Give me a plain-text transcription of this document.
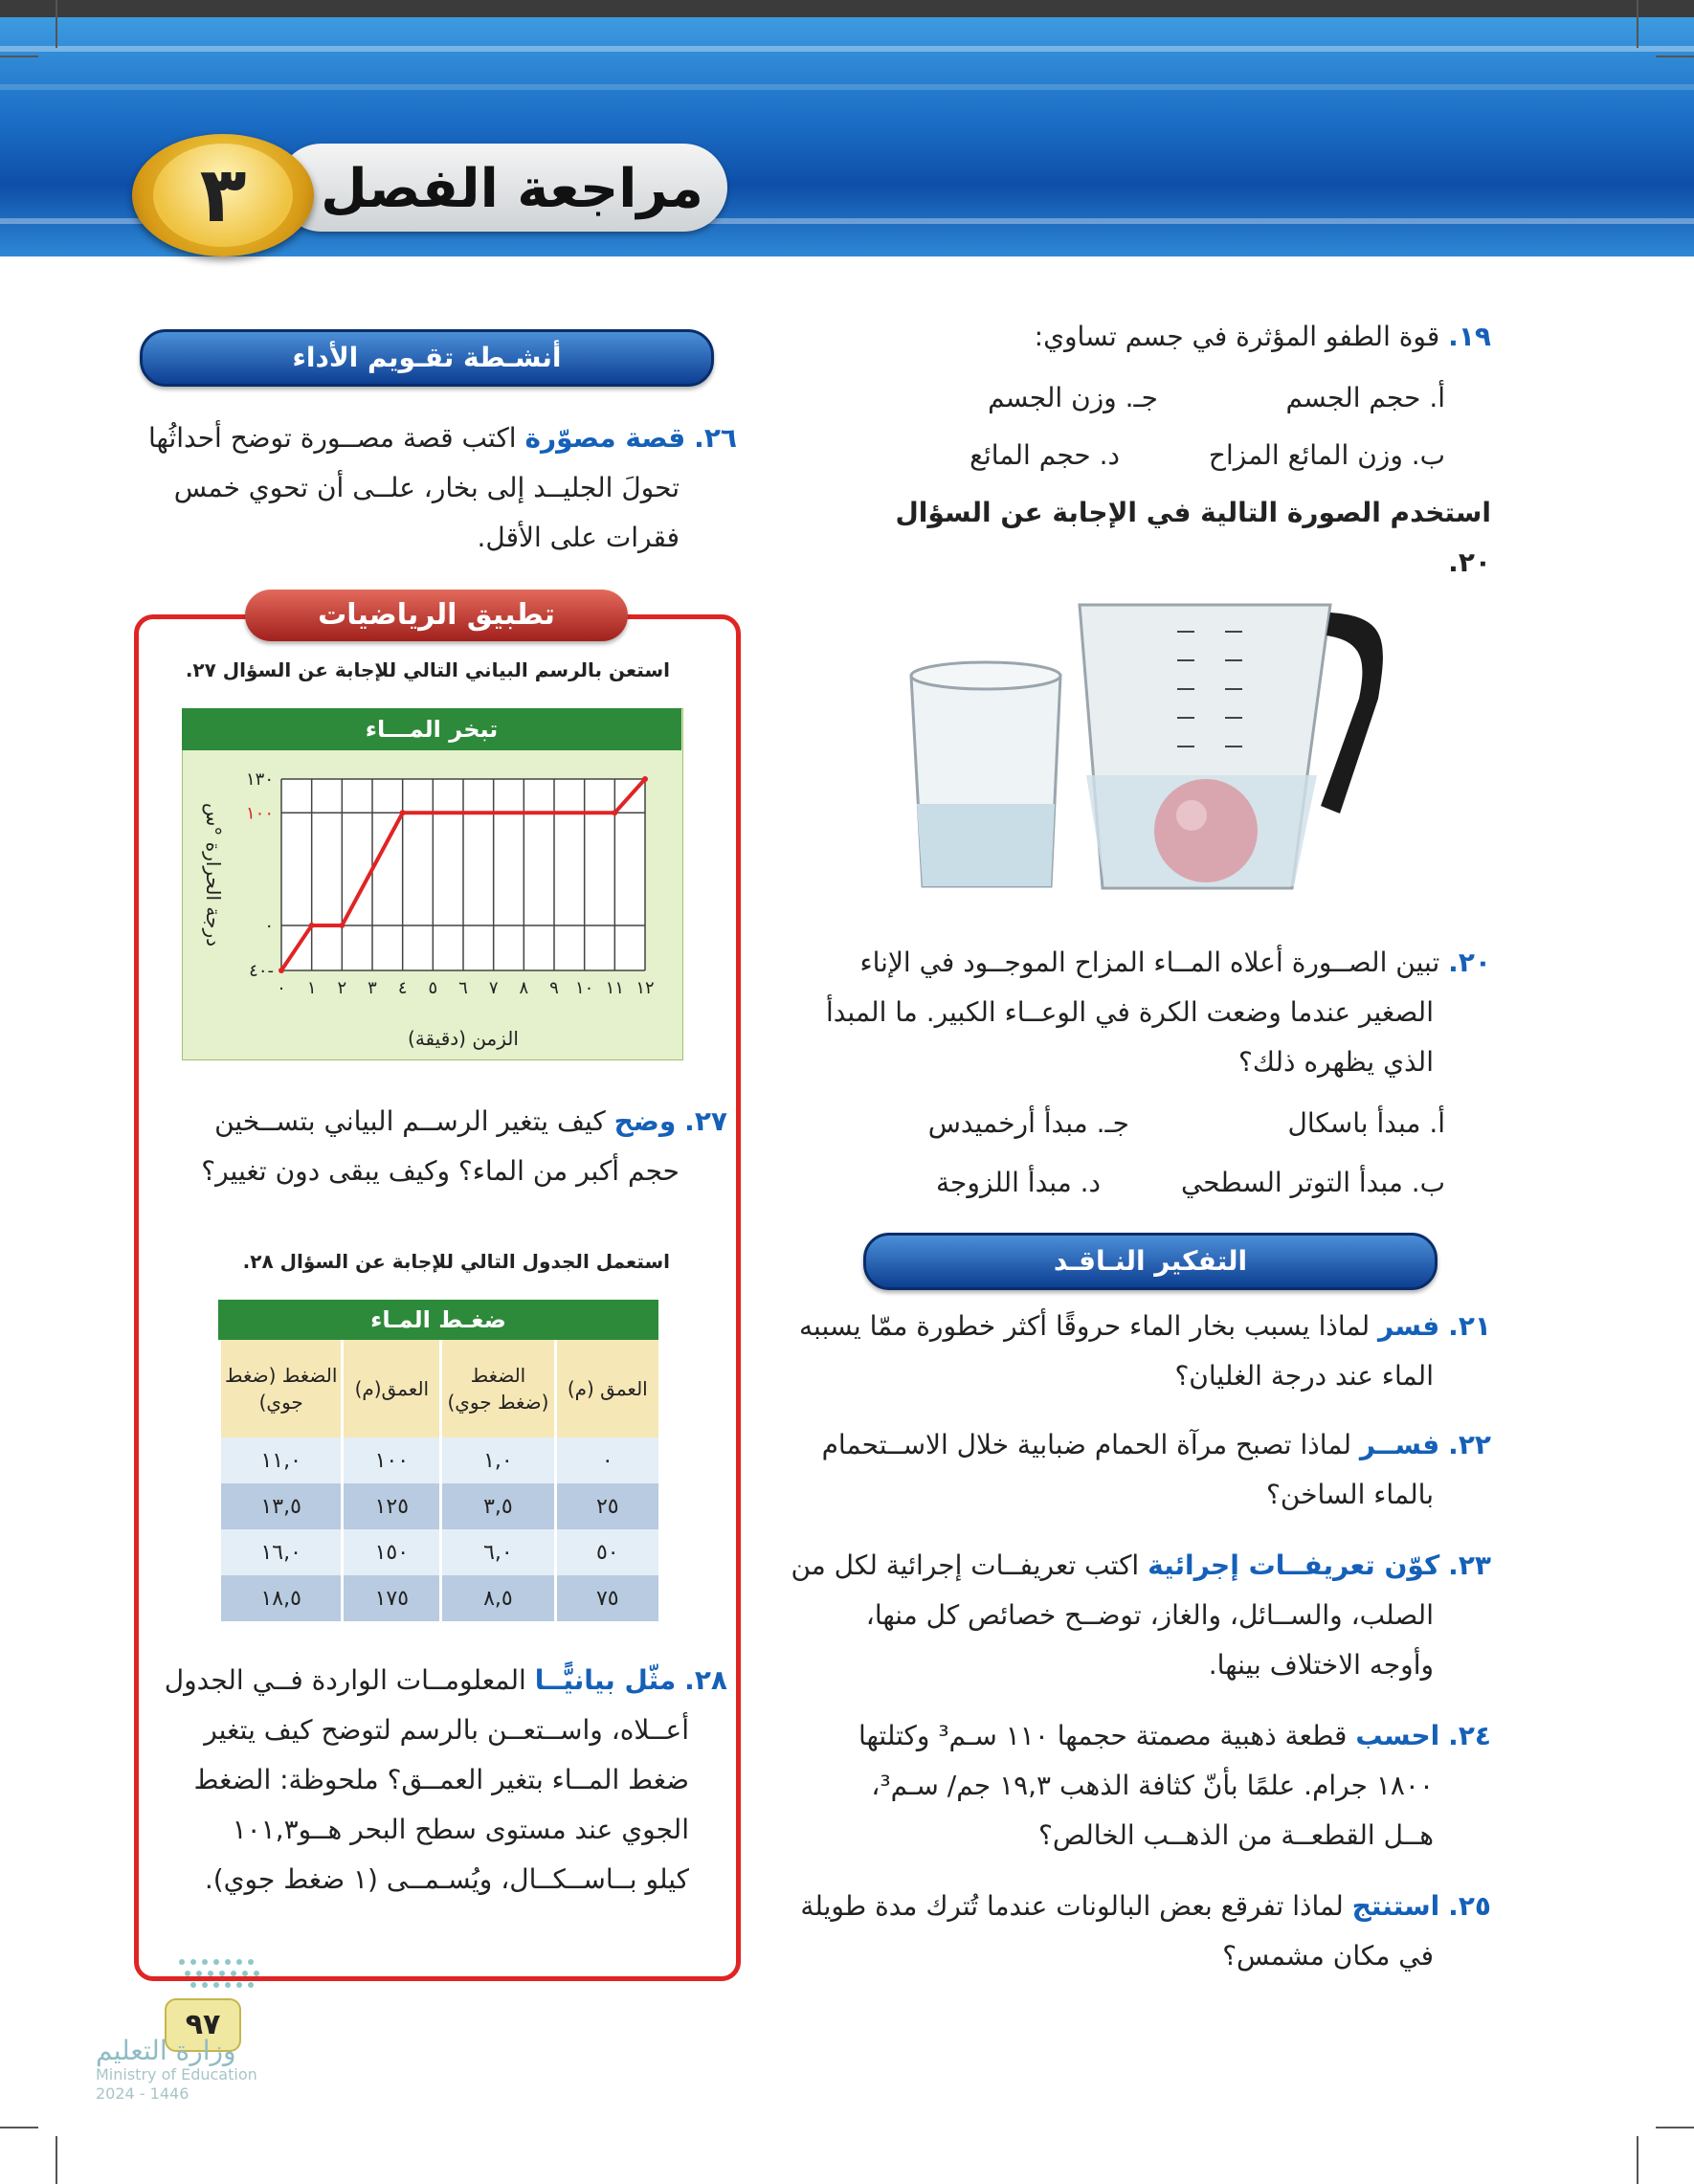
مراجعة الفصل
٣
١٩. قوة الطفو المؤثرة في جسم تساوي:
أ. حجم الجسم
جـ. وزن الجسم
ب. وزن المائع المزاح
د. حجم المائع
استخدم الصورة التالية في الإجابة عن السؤال ٢٠.
٢٠. تبين الصــورة أعلاه المــاء المزاح الموجــود في الإناء
الصغير عندما وضعت الكرة في الوعــاء الكبير. ما المبدأ
الذي يظهره ذلك؟
أ. مبدأ باسكال
جـ. مبدأ أرخميدس
ب. مبدأ التوتر السطحي
د. مبدأ اللزوجة
التفكير النـاقـد
٢١. فسر لماذا يسبب بخار الماء حروقًا أكثر خطورة ممّا يسببه
الماء عند درجة الغليان؟
٢٢. فســر لماذا تصبح مرآة الحمام ضبابية خلال الاســتحمام
بالماء الساخن؟
٢٣. كوّن تعريفــات إجرائية اكتب تعريفــات إجرائية لكل من
الصلب، والســائل، والغاز، توضــح خصائص كل منها،
وأوجه الاختلاف بينها.
٢٤. احسب قطعة ذهبية مصمتة حجمها ١١٠ سـم³ وكتلتها
١٨٠٠ جرام. علمًا بأنّ كثافة الذهب ١٩,٣ جم/ سـم³،
هــل القطعــة من الذهــب الخالص؟
٢٥. استنتج لماذا تفرقع بعض البالونات عندما تُترك مدة طويلة
في مكان مشمس؟
أنشـطة تقـويم الأداء
٢٦. قصة مصوّرة اكتب قصة مصــورة توضح أحداثُها
تحولَ الجليــد إلى بخار، علــى أن تحوي خمس
فقرات على الأقل.
تطبيق الرياضيات
استعن بالرسم البياني التالي للإجابة عن السؤال ٢٧.
تبخر المـــاء
٤٠-
٠
١٠٠
١٣٠
٠ ١ ٢ ٣ ٤ ٥ ٦ ٧ ٨ ٩ ١٠ ١١ ١٢
الزمن (دقيقة)
درجة الحرارة °س
٢٧. وضح كيف يتغير الرســم البياني بتســخين
حجم أكبر من الماء؟ وكيف يبقى دون تغيير؟
استعمل الجدول التالي للإجابة عن السؤال ٢٨.
ضغـط المـاء
العمق (م)	الضغط (ضغط جوي)	العمق(م)	الضغط (ضغط جوي)
٠	١,٠	١٠٠	١١,٠
٢٥	٣,٥	١٢٥	١٣,٥
٥٠	٦,٠	١٥٠	١٦,٠
٧٥	٨,٥	١٧٥	١٨,٥
٢٨. مثّل بيانيًّــا المعلومــات الواردة فــي الجدول
أعــلاه، واســتعــن بالرسم لتوضح كيف يتغير
ضغط المــاء بتغير العمــق؟ ملحوظة: الضغط
الجوي عند مستوى سطح البحر هــو١٠١,٣
كيلو بــاســكــال، ويُسـمــى (١ ضغط جوي).
٩٧
وزارة التعليم
Ministry of Education
2024 - 1446
